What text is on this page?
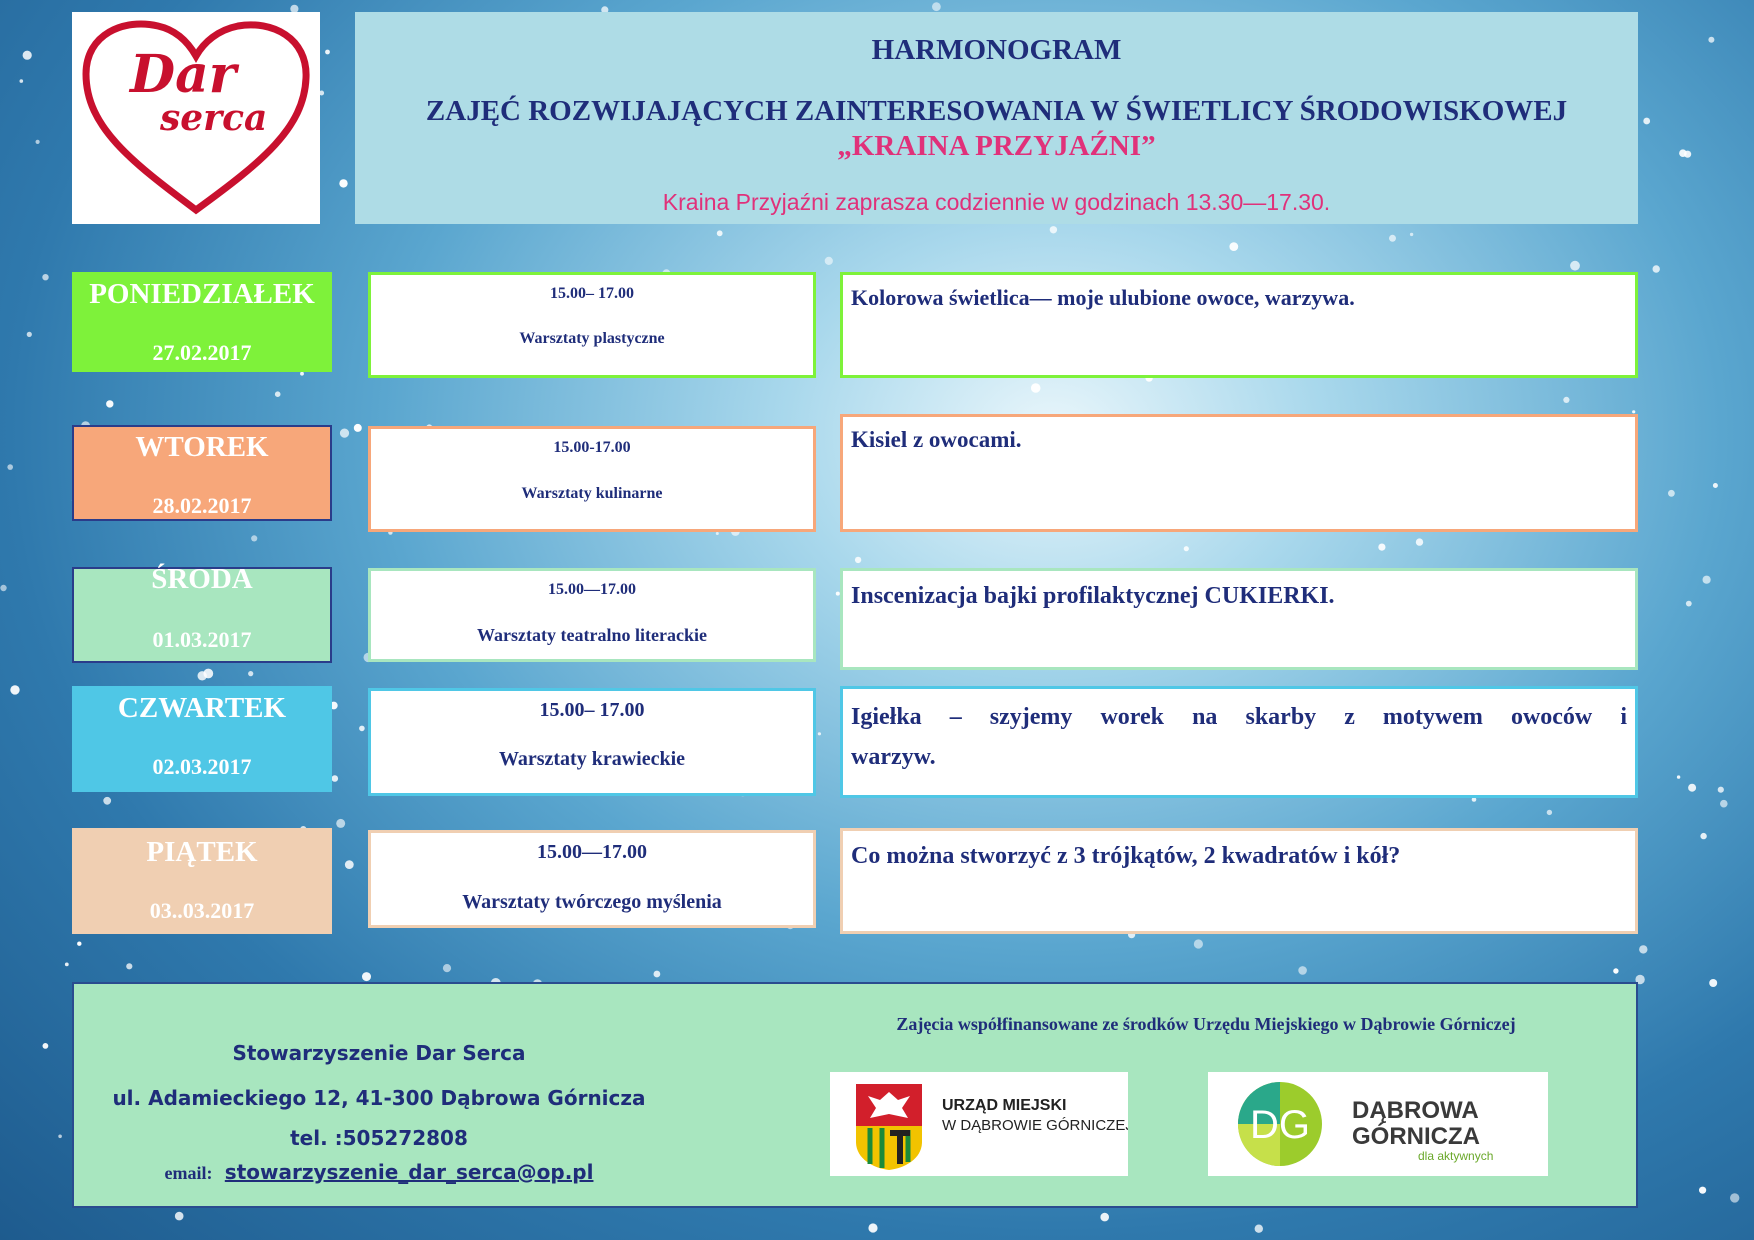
Dar
serca
HARMONOGRAM
ZAJĘĆ ROZWIJAJĄCYCH ZAINTERESOWANIA W ŚWIETLICY ŚRODOWISKOWEJ
„KRAINA PRZYJAŹNI”
Kraina Przyjaźni zaprasza codziennie w godzinach 13.30—17.30.
PONIEDZIAŁEK
27.02.2017
15.00– 17.00
Warsztaty plastyczne
Kolorowa świetlica— moje ulubione owoce, warzywa.
WTOREK
28.02.2017
15.00-17.00
Warsztaty kulinarne
Kisiel z owocami.
ŚRODA
01.03.2017
15.00—17.00
Warsztaty teatralno literackie
Inscenizacja bajki profilaktycznej CUKIERKI.
CZWARTEK
02.03.2017
15.00– 17.00
Warsztaty krawieckie
Igiełka – szyjemy worek na skarby z motywem owoców i warzyw.
PIĄTEK
03..03.2017
15.00—17.00
Warsztaty twórczego myślenia
Co można stworzyć z 3 trójkątów, 2 kwadratów i kół?
Stowarzyszenie Dar Serca
ul. Adamieckiego 12, 41-300 Dąbrowa Górnicza
tel. :505272808
email: stowarzyszenie_dar_serca@op.pl
Zajęcia współfinansowane ze środków Urzędu Miejskiego w Dąbrowie Górniczej
URZĄD MIEJSKI
W DĄBROWIE GÓRNICZEJ	DG DĄBROWA
GÓRNICZA
dla aktywnych
